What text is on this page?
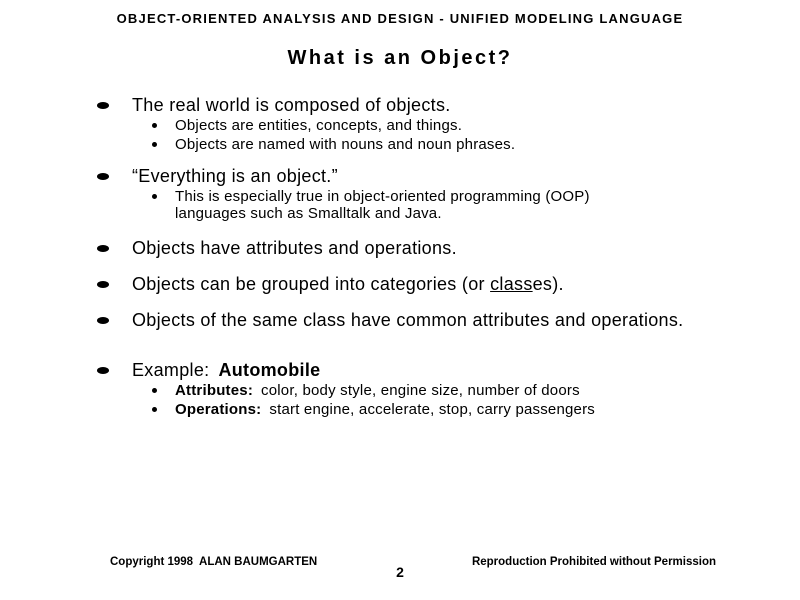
OBJECT-ORIENTED ANALYSIS AND DESIGN - UNIFIED MODELING LANGUAGE
What is an Object?
The real world is composed of objects.
Objects are entities, concepts, and things.
Objects are named with nouns and noun phrases.
“Everything is an object.”
This is especially true in object-oriented programming (OOP) languages such as Smalltalk and Java.
Objects have attributes and operations.
Objects can be grouped into categories (or classes).
Objects of the same class have common attributes and operations.
Example: Automobile
Attributes: color, body style, engine size, number of doors
Operations: start engine, accelerate, stop, carry passengers
Copyright 1998  ALAN BAUMGARTEN	Reproduction Prohibited without Permission
2
